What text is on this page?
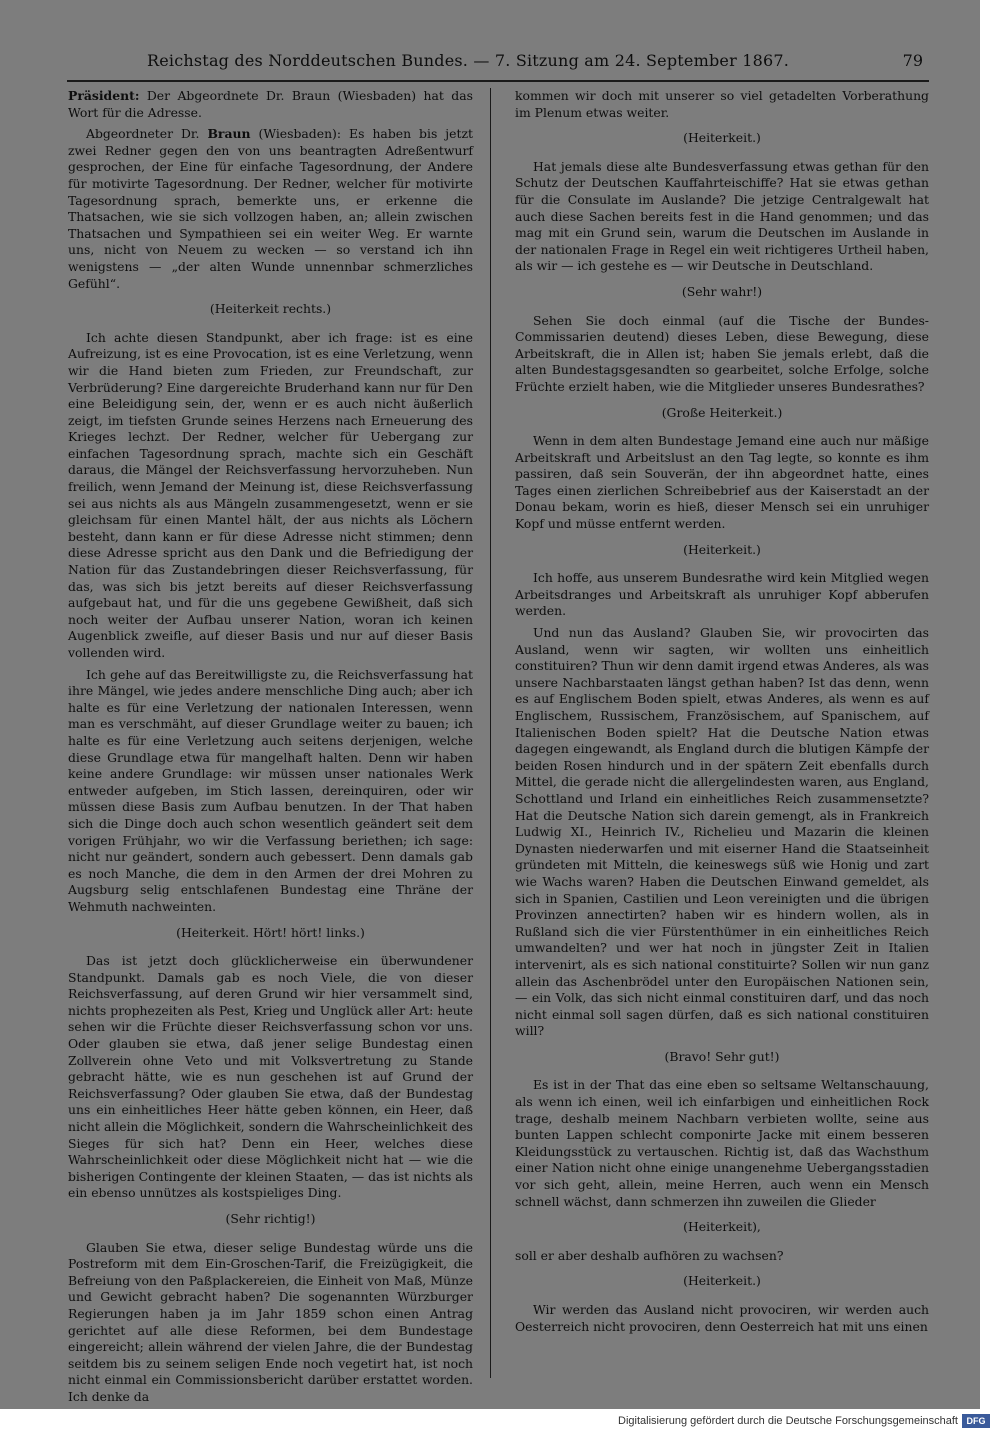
Reichstag des Norddeutschen Bundes. — 7. Sitzung am 24. September 1867.	79

Präsident: Der Abgeordnete Dr. Braun (Wiesbaden) hat das Wort für die Adresse.

Abgeordneter Dr. Braun (Wiesbaden): Es haben bis jetzt zwei Redner gegen den von uns beantragten Adreßentwurf gesprochen, der Eine für einfache Tagesordnung, der Andere für motivirte Tagesordnung. Der Redner, welcher für motivirte Tagesordnung sprach, bemerkte uns, er erkenne die Thatsachen, wie sie sich vollzogen haben, an; allein zwischen Thatsachen und Sympathieen sei ein weiter Weg. Er warnte uns, nicht von Neuem zu wecken — so verstand ich ihn wenigstens — „der alten Wunde unnennbar schmerzliches Gefühl“.

(Heiterkeit rechts.)

Ich achte diesen Standpunkt, aber ich frage: ist es eine Aufreizung, ist es eine Provocation, ist es eine Verletzung, wenn wir die Hand bieten zum Frieden, zur Freundschaft, zur Verbrüderung? Eine dargereichte Bruderhand kann nur für Den eine Beleidigung sein, der, wenn er es auch nicht äußerlich zeigt, im tiefsten Grunde seines Herzens nach Erneuerung des Krieges lechzt. Der Redner, welcher für Uebergang zur einfachen Tagesordnung sprach, machte sich ein Geschäft daraus, die Mängel der Reichsverfassung hervorzuheben. Nun freilich, wenn Jemand der Meinung ist, diese Reichsverfassung sei aus nichts als aus Mängeln zusammengesetzt, wenn er sie gleichsam für einen Mantel hält, der aus nichts als Löchern besteht, dann kann er für diese Adresse nicht stimmen; denn diese Adresse spricht aus den Dank und die Befriedigung der Nation für das Zustandebringen dieser Reichsverfassung, für das, was sich bis jetzt bereits auf dieser Reichsverfassung aufgebaut hat, und für die uns gegebene Gewißheit, daß sich noch weiter der Aufbau unserer Nation, woran ich keinen Augenblick zweifle, auf dieser Basis und nur auf dieser Basis vollenden wird.

Ich gehe auf das Bereitwilligste zu, die Reichsverfassung hat ihre Mängel, wie jedes andere menschliche Ding auch; aber ich halte es für eine Verletzung der nationalen Interessen, wenn man es verschmäht, auf dieser Grundlage weiter zu bauen; ich halte es für eine Verletzung auch seitens derjenigen, welche diese Grundlage etwa für mangelhaft halten. Denn wir haben keine andere Grundlage: wir müssen unser nationales Werk entweder aufgeben, im Stich lassen, dereinquiren, oder wir müssen diese Basis zum Aufbau benutzen. In der That haben sich die Dinge doch auch schon wesentlich geändert seit dem vorigen Frühjahr, wo wir die Verfassung beriethen; ich sage: nicht nur geändert, sondern auch gebessert. Denn damals gab es noch Manche, die dem in den Armen der drei Mohren zu Augsburg selig entschlafenen Bundestag eine Thräne der Wehmuth nachweinten.

(Heiterkeit. Hört! hört! links.)

Das ist jetzt doch glücklicherweise ein überwundener Standpunkt. Damals gab es noch Viele, die von dieser Reichsverfassung, auf deren Grund wir hier versammelt sind, nichts prophezeiten als Pest, Krieg und Unglück aller Art: heute sehen wir die Früchte dieser Reichsverfassung schon vor uns. Oder glauben sie etwa, daß jener selige Bundestag einen Zollverein ohne Veto und mit Volksvertretung zu Stande gebracht hätte, wie es nun geschehen ist auf Grund der Reichsverfassung? Oder glauben Sie etwa, daß der Bundestag uns ein einheitliches Heer hätte geben können, ein Heer, daß nicht allein die Möglichkeit, sondern die Wahrscheinlichkeit des Sieges für sich hat? Denn ein Heer, welches diese Wahrscheinlichkeit oder diese Möglichkeit nicht hat — wie die bisherigen Contingente der kleinen Staaten, — das ist nichts als ein ebenso unnützes als kostspieliges Ding.

(Sehr richtig!)

Glauben Sie etwa, dieser selige Bundestag würde uns die Postreform mit dem Ein-Groschen-Tarif, die Freizügigkeit, die Befreiung von den Paßplackereien, die Einheit von Maß, Münze und Gewicht gebracht haben? Die sogenannten Würzburger Regierungen haben ja im Jahr 1859 schon einen Antrag gerichtet auf alle diese Reformen, bei dem Bundestage eingereicht; allein während der vielen Jahre, die der Bundestag seitdem bis zu seinem seligen Ende noch vegetirt hat, ist noch nicht einmal ein Commissionsbericht darüber erstattet worden. Ich denke da

kommen wir doch mit unserer so viel getadelten Vorberathung im Plenum etwas weiter.

(Heiterkeit.)

Hat jemals diese alte Bundesverfassung etwas gethan für den Schutz der Deutschen Kauffahrteischiffe? Hat sie etwas gethan für die Consulate im Auslande? Die jetzige Centralgewalt hat auch diese Sachen bereits fest in die Hand genommen; und das mag mit ein Grund sein, warum die Deutschen im Auslande in der nationalen Frage in Regel ein weit richtigeres Urtheil haben, als wir — ich gestehe es — wir Deutsche in Deutschland.

(Sehr wahr!)

Sehen Sie doch einmal (auf die Tische der Bundes-Commissarien deutend) dieses Leben, diese Bewegung, diese Arbeitskraft, die in Allen ist; haben Sie jemals erlebt, daß die alten Bundestagsgesandten so gearbeitet, solche Erfolge, solche Früchte erzielt haben, wie die Mitglieder unseres Bundesrathes?

(Große Heiterkeit.)

Wenn in dem alten Bundestage Jemand eine auch nur mäßige Arbeitskraft und Arbeitslust an den Tag legte, so konnte es ihm passiren, daß sein Souverän, der ihn abgeordnet hatte, eines Tages einen zierlichen Schreibebrief aus der Kaiserstadt an der Donau bekam, worin es hieß, dieser Mensch sei ein unruhiger Kopf und müsse entfernt werden.

(Heiterkeit.)

Ich hoffe, aus unserem Bundesrathe wird kein Mitglied wegen Arbeitsdranges und Arbeitskraft als unruhiger Kopf abberufen werden.

Und nun das Ausland? Glauben Sie, wir provocirten das Ausland, wenn wir sagten, wir wollten uns einheitlich constituiren? Thun wir denn damit irgend etwas Anderes, als was unsere Nachbarstaaten längst gethan haben? Ist das denn, wenn es auf Englischem Boden spielt, etwas Anderes, als wenn es auf Englischem, Russischem, Französischem, auf Spanischem, auf Italienischen Boden spielt? Hat die Deutsche Nation etwas dagegen eingewandt, als England durch die blutigen Kämpfe der beiden Rosen hindurch und in der spätern Zeit ebenfalls durch Mittel, die gerade nicht die allergelindesten waren, aus England, Schottland und Irland ein einheitliches Reich zusammensetzte? Hat die Deutsche Nation sich darein gemengt, als in Frankreich Ludwig XI., Heinrich IV., Richelieu und Mazarin die kleinen Dynasten niederwarfen und mit eiserner Hand die Staatseinheit gründeten mit Mitteln, die keineswegs süß wie Honig und zart wie Wachs waren? Haben die Deutschen Einwand gemeldet, als sich in Spanien, Castilien und Leon vereinigten und die übrigen Provinzen annectirten? haben wir es hindern wollen, als in Rußland sich die vier Fürstenthümer in ein einheitliches Reich umwandelten? und wer hat noch in jüngster Zeit in Italien intervenirt, als es sich national constituirte? Sollen wir nun ganz allein das Aschenbrödel unter den Europäischen Nationen sein, — ein Volk, das sich nicht einmal constituiren darf, und das noch nicht einmal soll sagen dürfen, daß es sich national constituiren will?

(Bravo! Sehr gut!)

Es ist in der That das eine eben so seltsame Weltanschauung, als wenn ich einen, weil ich einfarbigen und einheitlichen Rock trage, deshalb meinem Nachbarn verbieten wollte, seine aus bunten Lappen schlecht componirte Jacke mit einem besseren Kleidungsstück zu vertauschen. Richtig ist, daß das Wachsthum einer Nation nicht ohne einige unangenehme Uebergangsstadien vor sich geht, allein, meine Herren, auch wenn ein Mensch schnell wächst, dann schmerzen ihn zuweilen die Glieder

(Heiterkeit),

soll er aber deshalb aufhören zu wachsen?

(Heiterkeit.)

Wir werden das Ausland nicht provociren, wir werden auch Oesterreich nicht provociren, denn Oesterreich hat mit uns einen

Digitalisierung gefördert durch die Deutsche Forschungsgemeinschaft DFG
